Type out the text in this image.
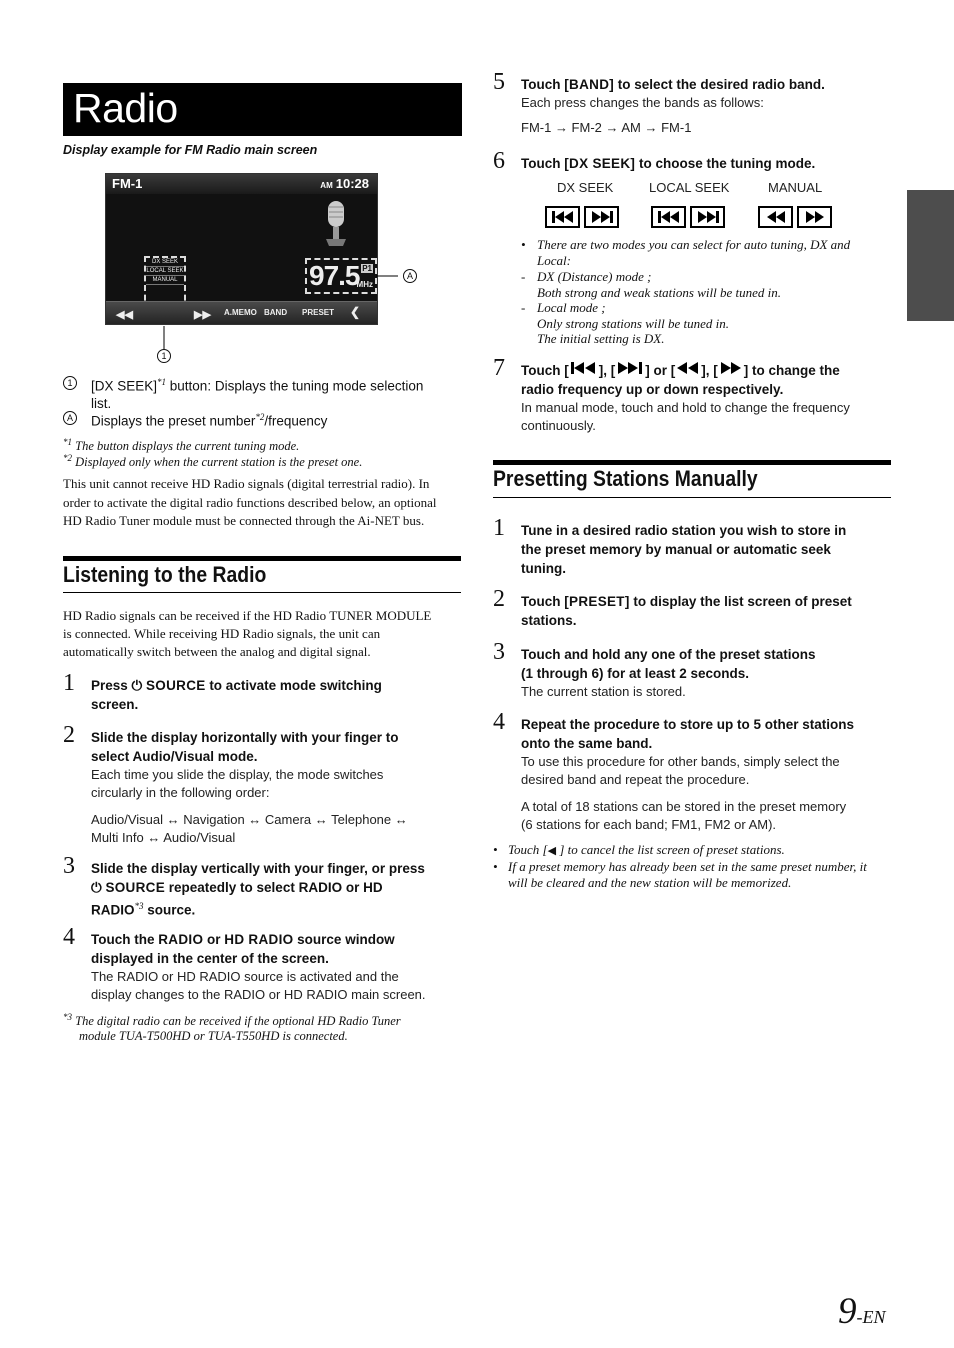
Radio
Display example for FM Radio main screen
FM-1	AM 10:28
DX SEEK
LOCAL SEEK
MANUAL	97.5 P1
MHz
◀◀	▶▶ A.MEMO BAND PRESET ❮
1
A
1	[DX SEEK]$^{*1}$ button: Displays the tuning mode selection
list.
A Displays the preset number$^{*2}$/frequency
$^{*1}$ The button displays the current tuning mode.
$^{*2}$ Displayed only when the current station is the preset one.
This unit cannot receive HD Radio signals (digital terrestrial radio). In
order to activate the digital radio functions described below, an optional
HD Radio Tuner module must be connected through the Ai-NET bus.
Listening to the Radio
HD Radio signals can be received if the HD Radio TUNER MODULE
is connected. While receiving HD Radio signals, the unit can
automatically switch between the analog and digital signal.
1 Press ⏻ SOURCE to activate mode switching
screen.
2 Slide the display horizontally with your finger to
select Audio/Visual mode.
Each time you slide the display, the mode switches
circularly in the following order:
Audio/Visual ↔ Navigation ↔ Camera ↔ Telephone ↔
Multi Info ↔ Audio/Visual
3 Slide the display vertically with your finger, or press
⏻ SOURCE repeatedly to select RADIO or HD
RADIO$^{*3}$ source.
4 Touch the RADIO or HD RADIO source window
displayed in the center of the screen.
The RADIO or HD RADIO source is activated and the
display changes to the RADIO or HD RADIO main screen.
$^{*3}$ The digital radio can be received if the optional HD Radio Tuner
module TUA-T500HD or TUA-T550HD is connected.
5 Touch [BAND] to select the desired radio band.
Each press changes the bands as follows:
FM-1 → FM-2 → AM → FM-1
6 Touch [DX SEEK] to choose the tuning mode.
DX SEEK	LOCAL SEEK	MANUAL
• There are two modes you can select for auto tuning, DX and
Local:
- DX (Distance) mode ;
Both strong and weak stations will be tuned in.
- Local mode ;
Only strong stations will be tuned in.
The initial setting is DX.
7 Touch [ ], [ ] or [ ], [ ] to change the
radio frequency up or down respectively.
In manual mode, touch and hold to change the frequency
continuously.
Presetting Stations Manually
1 Tune in a desired radio station you wish to store in
the preset memory by manual or automatic seek
tuning.
2 Touch [PRESET] to display the list screen of preset
stations.
3 Touch and hold any one of the preset stations
(1 through 6) for at least 2 seconds.
The current station is stored.
4 Repeat the procedure to store up to 5 other stations
onto the same band.
To use this procedure for other bands, simply select the
desired band and repeat the procedure.
A total of 18 stations can be stored in the preset memory
(6 stations for each band; FM1, FM2 or AM).
• Touch [◀ ] to cancel the list screen of preset stations.
• If a preset memory has already been set in the same preset number, it
will be cleared and the new station will be memorized.
9-EN
